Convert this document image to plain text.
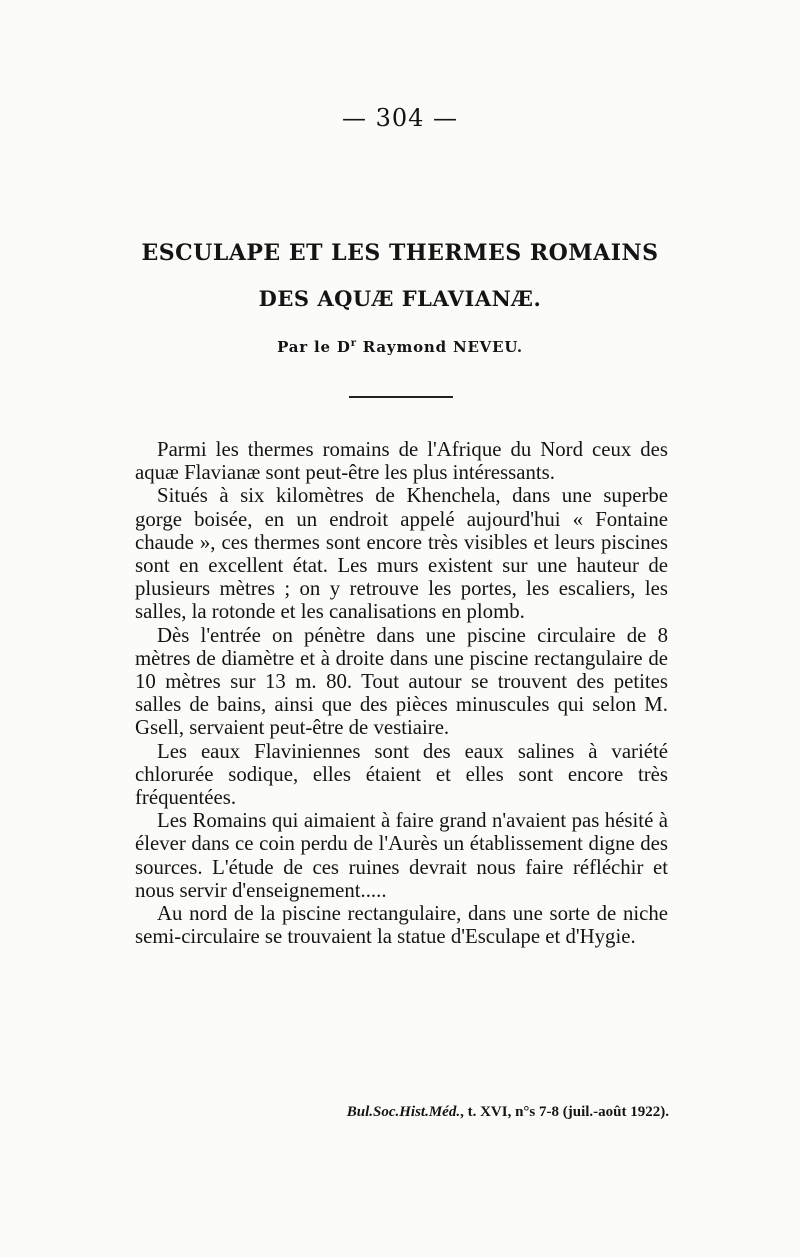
— 304 —
ESCULAPE ET LES THERMES ROMAINS
DES AQUÆ FLAVIANÆ.
Par le $D^r$ Raymond NEVEU.

Parmi les thermes romains de l'Afrique du Nord ceux des aquæ Flavianæ sont peut-être les plus intéressants.

Situés à six kilomètres de Khenchela, dans une superbe gorge boisée, en un endroit appelé aujourd'hui « Fontaine chaude », ces thermes sont encore très visibles et leurs piscines sont en excellent état. Les murs existent sur une hauteur de plusieurs mètres ; on y retrouve les portes, les escaliers, les salles, la rotonde et les canalisations en plomb.

Dès l'entrée on pénètre dans une piscine circulaire de 8 mètres de diamètre et à droite dans une piscine rectangulaire de 10 mètres sur 13 m. 80. Tout autour se trouvent des petites salles de bains, ainsi que des pièces minuscules qui selon M. Gsell, servaient peut-être de vestiaire.

Les eaux Flaviniennes sont des eaux salines à variété chlorurée sodique, elles étaient et elles sont encore très fréquentées.

Les Romains qui aimaient à faire grand n'avaient pas hésité à élever dans ce coin perdu de l'Aurès un établissement digne des sources. L'étude de ces ruines devrait nous faire réfléchir et nous servir d'enseignement.....

Au nord de la piscine rectangulaire, dans une sorte de niche semi-circulaire se trouvaient la statue d'Esculape et d'Hygie.

Bul.Soc.Hist.Méd., t. XVI, n°s 7-8 (juil.-août 1922).
